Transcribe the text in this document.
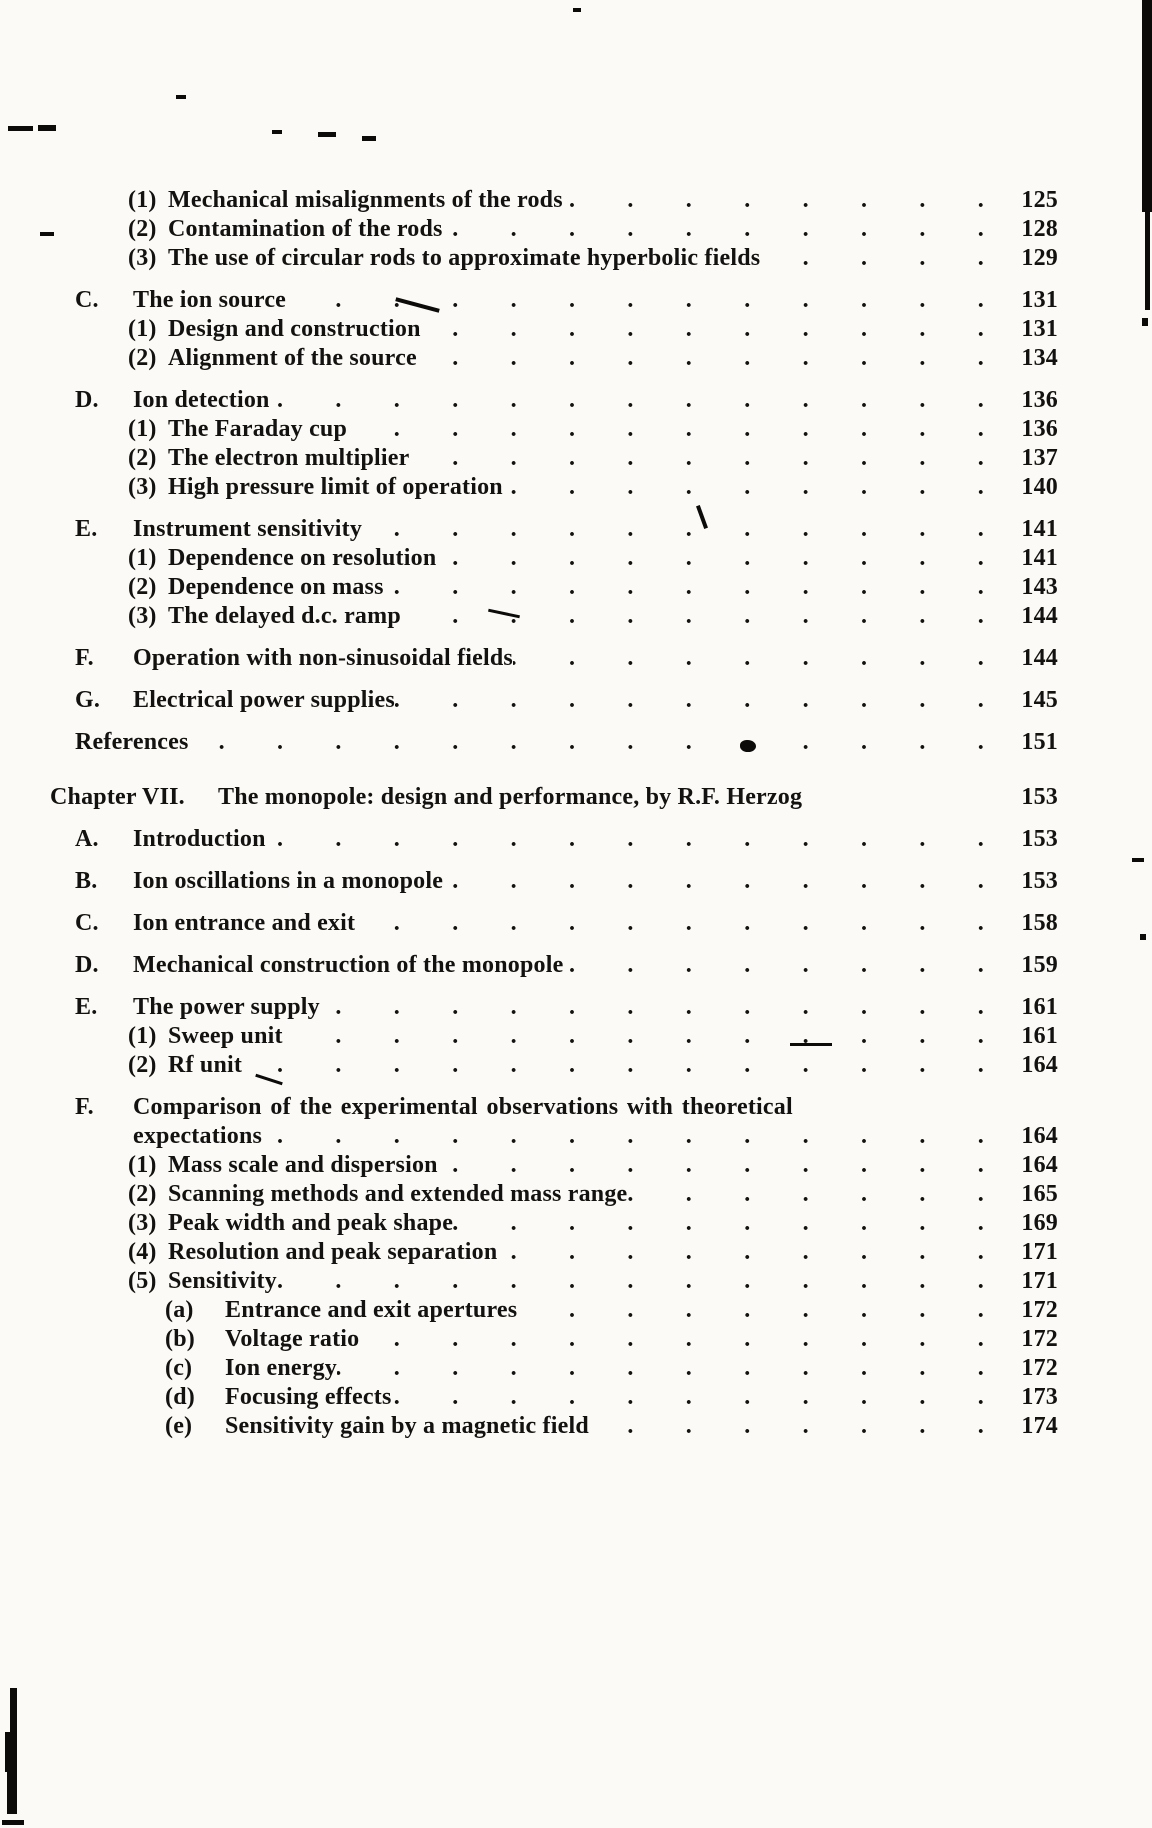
(1) Mechanical misalignments of the rods . . .	125
(2) Contamination of the rods . . .	128
(3) The use of circular rods to approximate hyperbolic fields . . .	129
C.	The ion source . . .	131
(1) Design and construction . . .	131
(2) Alignment of the source . . .	134
D.	Ion detection . . .	136
(1) The Faraday cup . . .	136
(2) The electron multiplier . . .	137
(3) High pressure limit of operation . . .	140
E.	Instrument sensitivity . . .	141
(1) Dependence on resolution . . .	141
(2) Dependence on mass . . .	143
(3) The delayed d.c. ramp . . .	144
F.	Operation with non-sinusoidal fields . . .	144
G.	Electrical power supplies . . .	145
References . . .	151
Chapter VII.	The monopole: design and performance, by R.F. Herzog	153
A.	Introduction . . .	153
B.	Ion oscillations in a monopole . . .	153
C.	Ion entrance and exit . . .	158
D.	Mechanical construction of the monopole . . .	159
E.	The power supply . . .	161
(1) Sweep unit . . .	161
(2) Rf unit . . .	164
F.	Comparison of the experimental observations with theoretical
expectations . . .	164
(1) Mass scale and dispersion . . .	164
(2) Scanning methods and extended mass range . . .	165
(3) Peak width and peak shape . . .	169
(4) Resolution and peak separation . . .	171
(5) Sensitivity . . .	171
(a)	Entrance and exit apertures . . .	172
(b)	Voltage ratio . . .	172
(c)	Ion energy . . .	172
(d)	Focusing effects . . .	173
(e)	Sensitivity gain by a magnetic field . . .	174
